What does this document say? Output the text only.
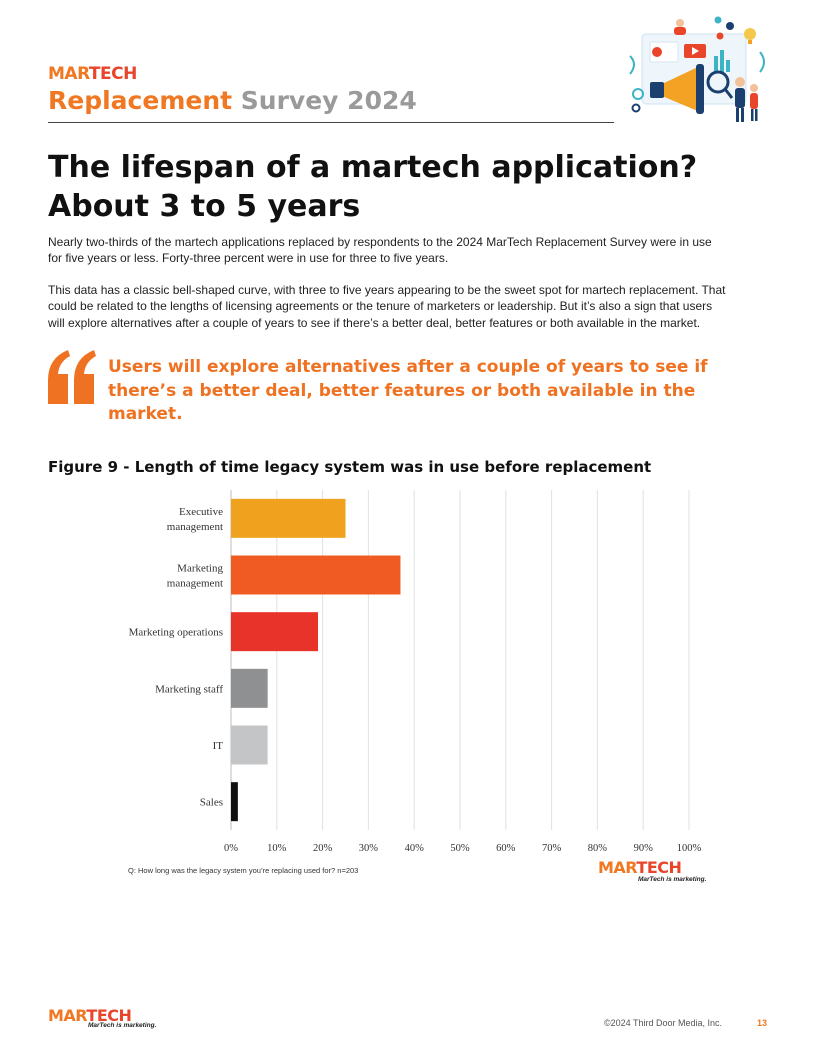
MARTECH
Replacement Survey 2024
The lifespan of a martech application?
About 3 to 5 years
Nearly two-thirds of the martech applications replaced by respondents to the 2024 MarTech Replacement Survey were in use
for five years or less. Forty-three percent were in use for three to five years.
This data has a classic bell-shaped curve, with three to five years appearing to be the sweet spot for martech replacement. That
could be related to the lengths of licensing agreements or the tenure of marketers or leadership. But it’s also a sign that users
will explore alternatives after a couple of years to see if there’s a better deal, better features or both available in the market.
Users will explore alternatives after a couple of years to see if
there’s a better deal, better features or both available in the
market.
Figure 9 - Length of time legacy system was in use before replacement
Executive management
Marketing management
Marketing operations
Marketing staff
IT
Sales
0%	10%	20%	30%	40%	50%	60%	70%	80%	90% 100%
Q: How long was the legacy system you’re replacing used for? n=203	MARTECH
MarTech is marketing.
MARTECH
MarTech is marketing.	©2024 Third Door Media, Inc.	13
